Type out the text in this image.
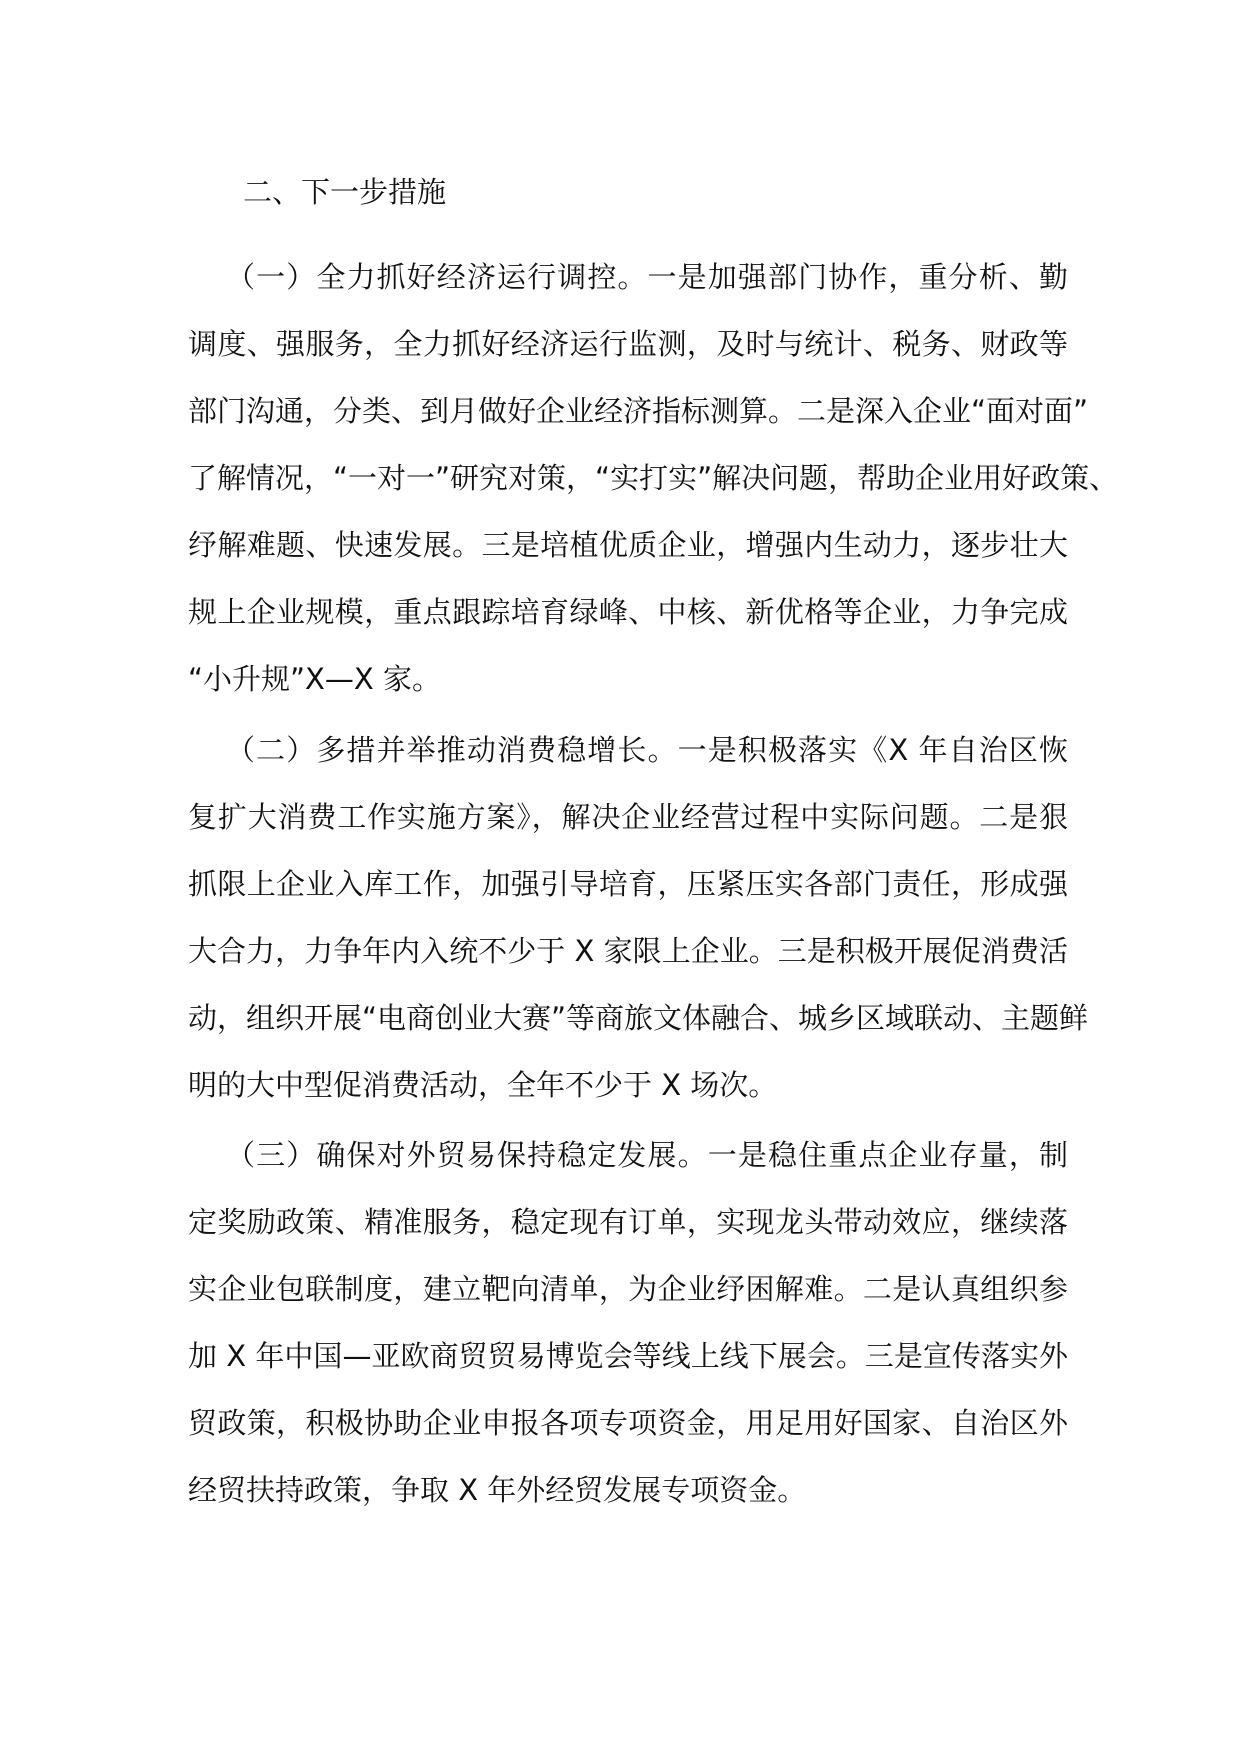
二、下一步措施
（一）全力抓好经济运行调控。一是加强部门协作，重分析、勤
调度、强服务，全力抓好经济运行监测，及时与统计、税务、财政等
部门沟通，分类、到月做好企业经济指标测算。二是深入企业“面对面”
了解情况，“一对一”研究对策，“实打实”解决问题，帮助企业用好政策、
纾解难题、快速发展。三是培植优质企业，增强内生动力，逐步壮大
规上企业规模，重点跟踪培育绿峰、中核、新优格等企业，力争完成
“小升规”X—X 家。
（二）多措并举推动消费稳增长。一是积极落实《X 年自治区恢
复扩大消费工作实施方案》，解决企业经营过程中实际问题。二是狠
抓限上企业入库工作，加强引导培育，压紧压实各部门责任，形成强
大合力，力争年内入统不少于 X 家限上企业。三是积极开展促消费活
动，组织开展“电商创业大赛”等商旅文体融合、城乡区域联动、主题鲜
明的大中型促消费活动，全年不少于 X 场次。
（三）确保对外贸易保持稳定发展。一是稳住重点企业存量，制
定奖励政策、精准服务，稳定现有订单，实现龙头带动效应，继续落
实企业包联制度，建立靶向清单，为企业纾困解难。二是认真组织参
加 X 年中国—亚欧商贸贸易博览会等线上线下展会。三是宣传落实外
贸政策，积极协助企业申报各项专项资金，用足用好国家、自治区外
经贸扶持政策，争取 X 年外经贸发展专项资金。
